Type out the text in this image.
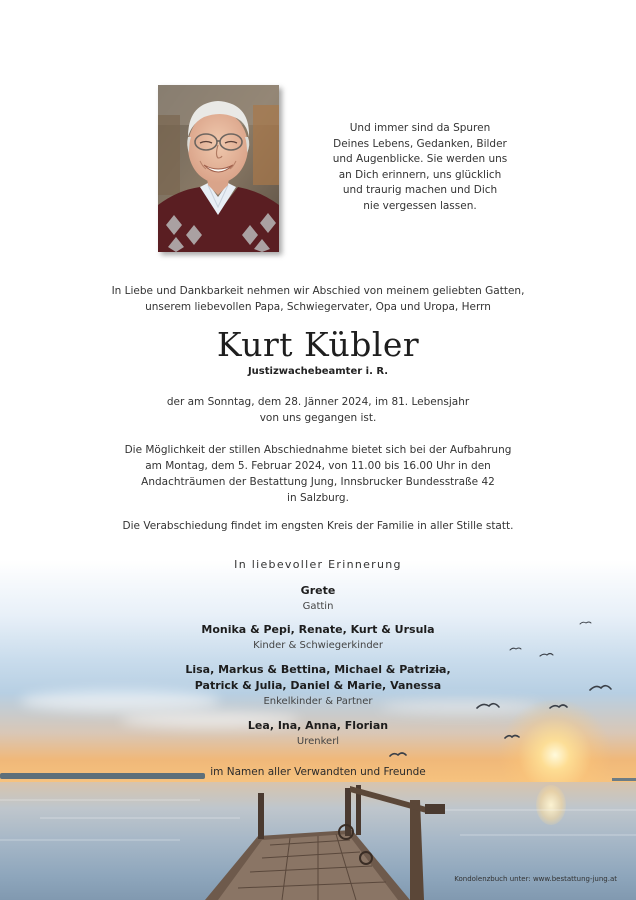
Und immer sind da Spuren
Deines Lebens, Gedanken, Bilder
und Augenblicke. Sie werden uns
an Dich erinnern, uns glücklich
und traurig machen und Dich
nie vergessen lassen.
In Liebe und Dankbarkeit nehmen wir Abschied von meinem geliebten Gatten,
unserem liebevollen Papa, Schwiegervater, Opa und Uropa, Herrn
Kurt Kübler
Justizwachebeamter i. R.
der am Sonntag, dem 28. Jänner 2024, im 81. Lebensjahr
von uns gegangen ist.
Die Möglichkeit der stillen Abschiednahme bietet sich bei der Aufbahrung
am Montag, dem 5. Februar 2024, von 11.00 bis 16.00 Uhr in den
Andachträumen der Bestattung Jung, Innsbrucker Bundesstraße 42
in Salzburg.
Die Verabschiedung findet im engsten Kreis der Familie in aller Stille statt.
In liebevoller Erinnerung
Grete
Gattin
Monika & Pepi, Renate, Kurt & Ursula
Kinder & Schwiegerkinder
Lisa, Markus & Bettina, Michael & Patrizia,
Patrick & Julia, Daniel & Marie, Vanessa
Enkelkinder & Partner
Lea, Ina, Anna, Florian
Urenkerl
im Namen aller Verwandten und Freunde
Kondolenzbuch unter: www.bestattung-jung.at
